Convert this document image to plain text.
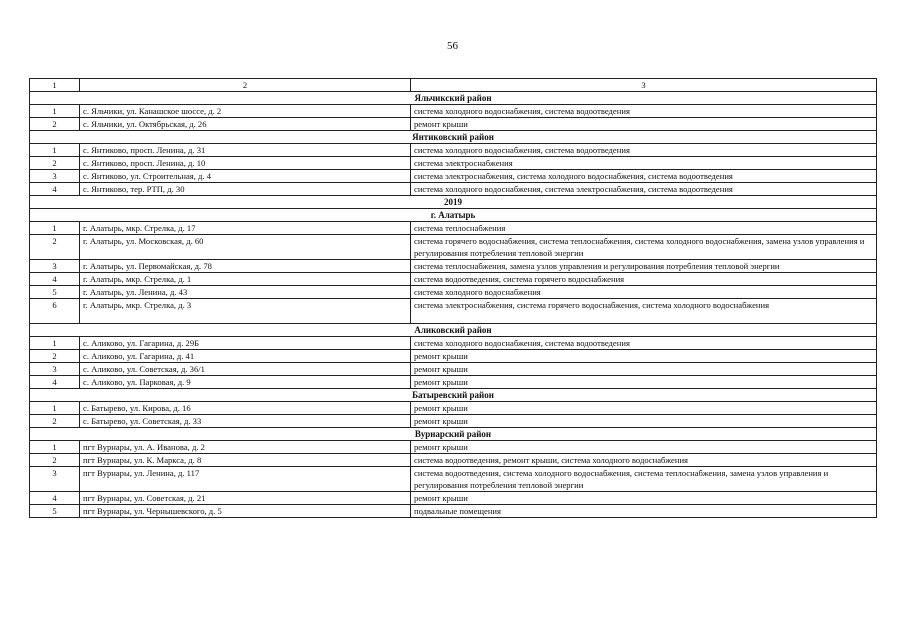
56
1	2	3
Яльчикский район		
1	с. Яльчики, ул. Канашское шоссе, д. 2	система холодного водоснабжения, система водоотведения
2	с. Яльчики, ул. Октябрьская, д. 26	ремонт крыши
Янтиковский район		
1	с. Янтиково, просп. Ленина, д. 31	система холодного водоснабжения, система водоотведения
2	с. Янтиково, просп. Ленина, д. 10	система электроснабжения
3	с. Янтиково, ул. Строительная, д. 4	система электроснабжения, система холодного водоснабжения, система водоотведения
4	с. Янтиково, тер. РТП, д. 30	система холодного водоснабжения, система электроснабжения, система водоотведения
2019		
г. Алатырь		
1	г. Алатырь, мкр. Стрелка, д. 17	система теплоснабжения
2	г. Алатырь, ул. Московская, д. 60	система горячего водоснабжения, система теплоснабжения, система холодного водоснабжения, замена узлов управления и регулирования потребления тепловой энергии
3	г. Алатырь, ул. Первомайская, д. 78	система теплоснабжения, замена узлов управления и регулирования потребления тепловой энергии
4	г. Алатырь, мкр. Стрелка, д. 1	система водоотведения, система горячего водоснабжения
5	г. Алатырь, ул. Ленина, д. 43	система холодного водоснабжения
6	г. Алатырь, мкр. Стрелка, д. 3	система электроснабжения, система горячего водоснабжения, система холодного водоснабжения
Аликовский район		
1	с. Аликово, ул. Гагарина, д. 29Б	система холодного водоснабжения, система водоотведения
2	с. Аликово, ул. Гагарина, д. 41	ремонт крыши
3	с. Аликово, ул. Советская, д. 36/1	ремонт крыши
4	с. Аликово, ул. Парковая, д. 9	ремонт крыши
Батыревский район		
1	с. Батырево, ул. Кирова, д. 16	ремонт крыши
2	с. Батырево, ул. Советская, д. 33	ремонт крыши
Вурнарский район		
1	пгт Вурнары, ул. А. Иванова, д. 2	ремонт крыши
2	пгт Вурнары, ул. К. Маркса, д. 8	система водоотведения, ремонт крыши, система холодного водоснабжения
3	пгт Вурнары, ул. Ленина, д. 117	система водоотведения, система холодного водоснабжения, система теплоснабжения, замена узлов управления и регулирования потребления тепловой энергии
4	пгт Вурнары, ул. Советская, д. 21	ремонт крыши
5	пгт Вурнары, ул. Чернышевского, д. 5	подвальные помещения
